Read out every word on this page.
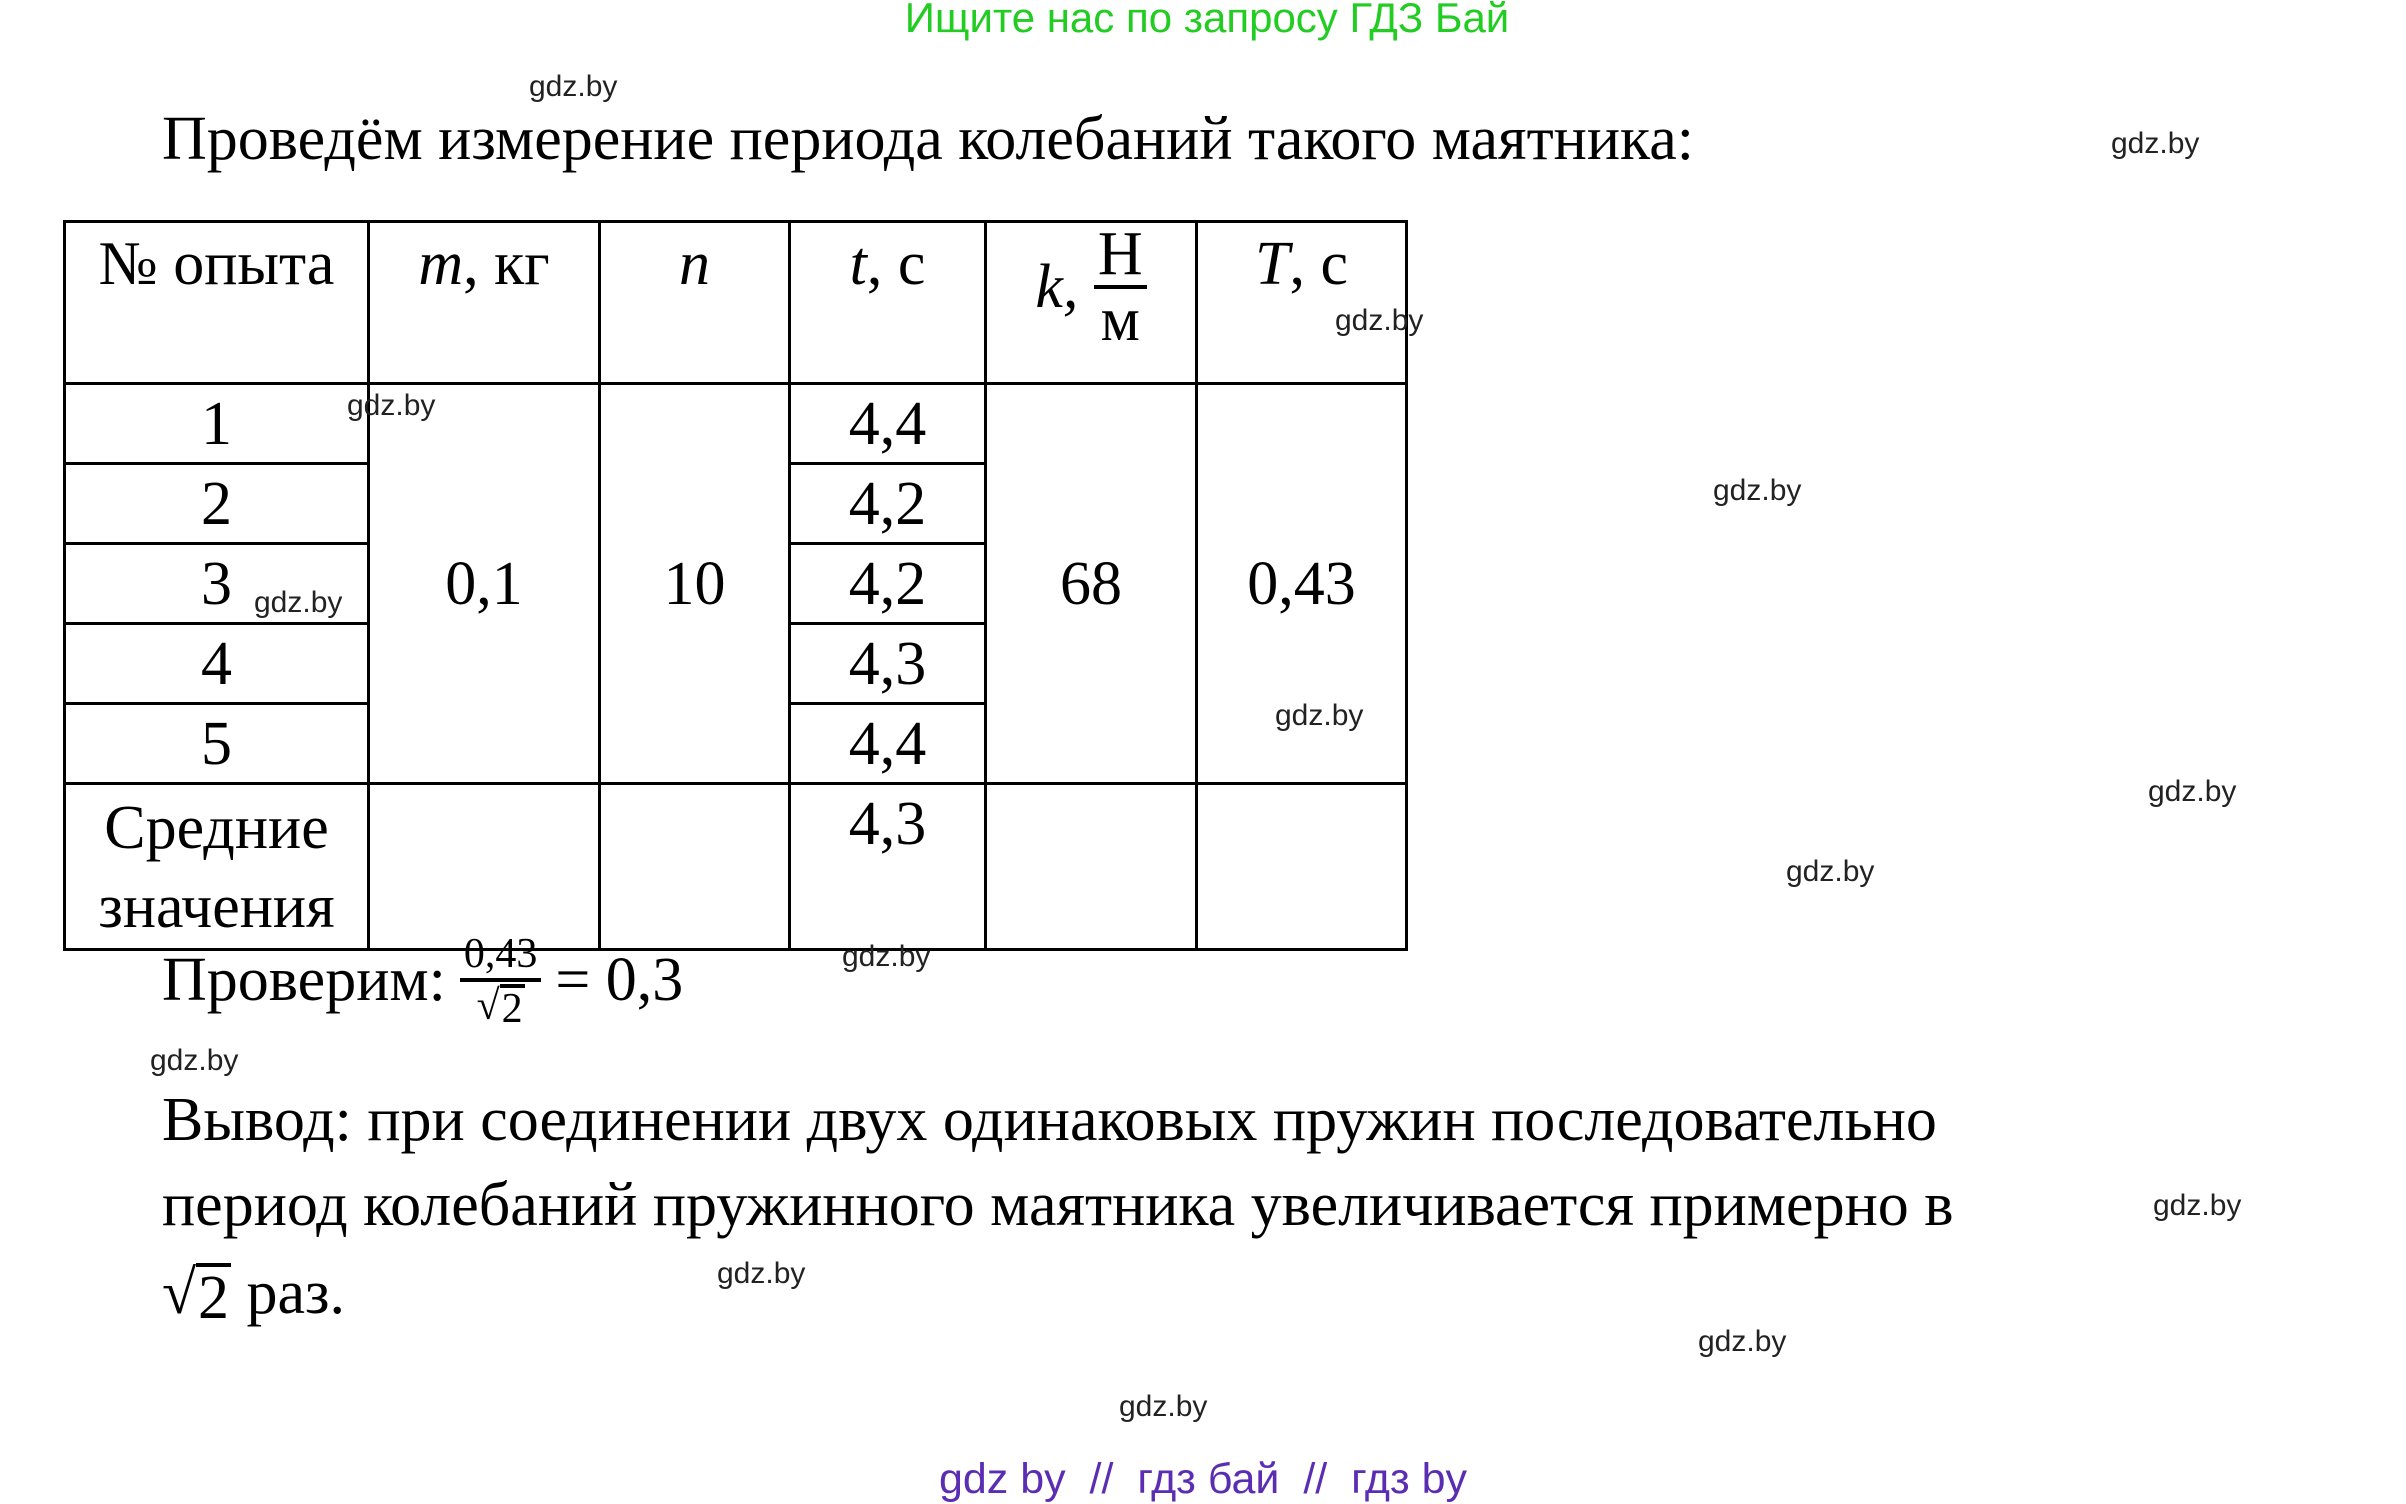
Ищите нас по запросу ГДЗ Бай
Проведём измерение периода колебаний такого маятника:
№ опыта	m, кг	n	t, с	k, $\frac{Н}{м}$	T, с
1	0,1	10	4,4	68	0,43
2			4,2		
3			4,2		
4			4,3		
5			4,4		
Средние
значения			4,3		
Проверим: $\frac{0,43}{√ 2} = 0,3$
Вывод: при соединении двух одинаковых пружин последовательно
период колебаний пружинного маятника увеличивается примерно в
√ 2 раз.
gdz.by
gdz.by
gdz.by
gdz.by
gdz.by
gdz.by
gdz.by
gdz.by
gdz.by
gdz.by
gdz.by
gdz.by
gdz.by
gdz.by
gdz.by
gdz by  //  гдз бай  //  гдз by
